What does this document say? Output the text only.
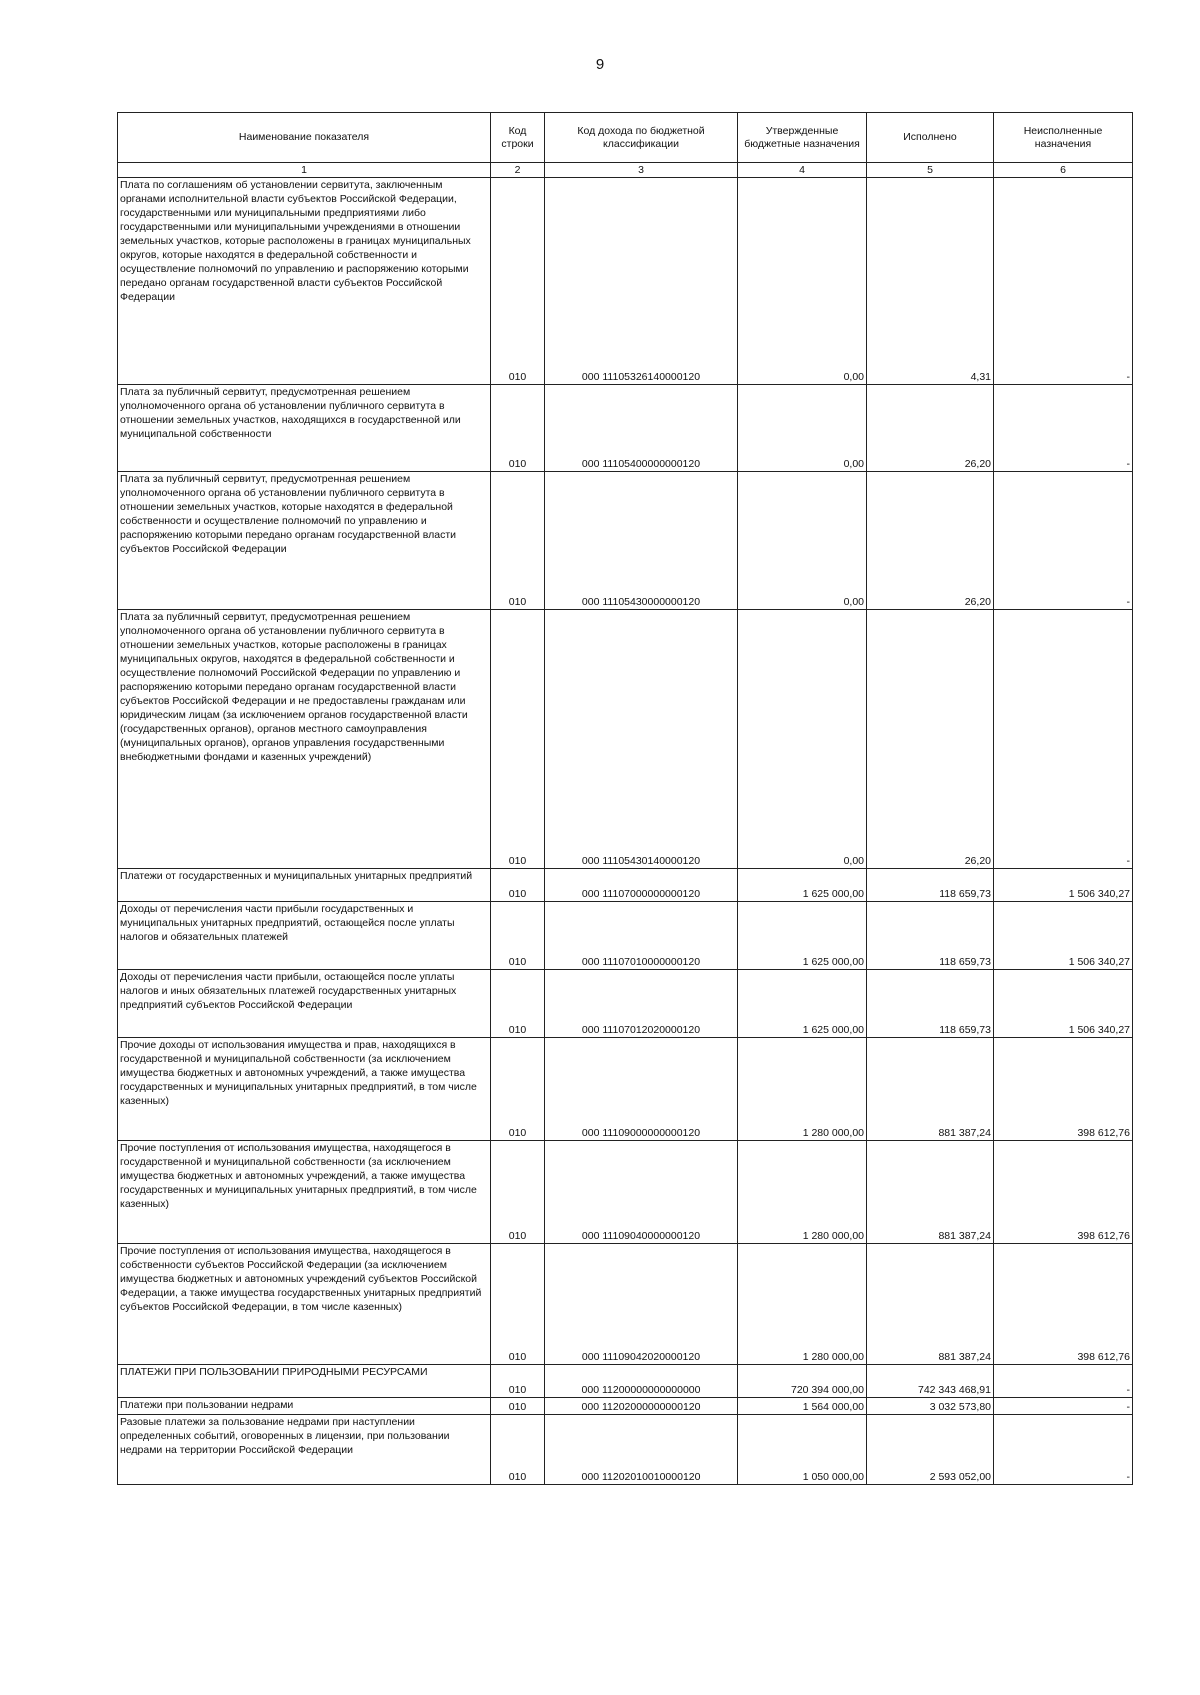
9
Наименование показателя	Код строки	Код дохода по бюджетной классификации	Утвержденные бюджетные назначения	Исполнено	Неисполненные назначения
1	2	3	4	5	6
Плата по соглашениям об установлении сервитута, заключенным органами исполнительной власти субъектов Российской Федерации, государственными или муниципальными предприятиями либо государственными или муниципальными учреждениями в отношении земельных участков, которые расположены в границах муниципальных округов, которые находятся в федеральной собственности и осуществление полномочий по управлению и распоряжению которыми передано органам государственной власти субъектов Российской Федерации	010	000 11105326140000120	0,00	4,31	-
Плата за публичный сервитут, предусмотренная решением уполномоченного органа об установлении публичного сервитута в отношении земельных участков, находящихся в государственной или муниципальной собственности	010	000 11105400000000120	0,00	26,20	-
Плата за публичный сервитут, предусмотренная решением уполномоченного органа об установлении публичного сервитута в отношении земельных участков, которые находятся в федеральной собственности и осуществление полномочий по управлению и распоряжению которыми передано органам государственной власти субъектов Российской Федерации	010	000 11105430000000120	0,00	26,20	-
Плата за публичный сервитут, предусмотренная решением уполномоченного органа об установлении публичного сервитута в отношении земельных участков, которые расположены в границах муниципальных округов, находятся в федеральной собственности и осуществление полномочий Российской Федерации по управлению и распоряжению которыми передано органам государственной власти субъектов Российской Федерации и не предоставлены гражданам или юридическим лицам (за исключением органов государственной власти (государственных органов), органов местного самоуправления (муниципальных органов), органов управления государственными внебюджетными фондами и казенных учреждений)	010	000 11105430140000120	0,00	26,20	-
Платежи от государственных и муниципальных унитарных предприятий	010	000 11107000000000120	1 625 000,00	118 659,73	1 506 340,27
Доходы от перечисления части прибыли государственных и муниципальных унитарных предприятий, остающейся после уплаты налогов и обязательных платежей	010	000 11107010000000120	1 625 000,00	118 659,73	1 506 340,27
Доходы от перечисления части прибыли, остающейся после уплаты налогов и иных обязательных платежей государственных унитарных предприятий субъектов Российской Федерации	010	000 11107012020000120	1 625 000,00	118 659,73	1 506 340,27
Прочие доходы от использования имущества и прав, находящихся в государственной и муниципальной собственности (за исключением имущества бюджетных и автономных учреждений, а также имущества государственных и муниципальных унитарных предприятий, в том числе казенных)	010	000 11109000000000120	1 280 000,00	881 387,24	398 612,76
Прочие поступления от использования имущества, находящегося в государственной и муниципальной собственности (за исключением имущества бюджетных и автономных учреждений, а также имущества государственных и муниципальных унитарных предприятий, в том числе казенных)	010	000 11109040000000120	1 280 000,00	881 387,24	398 612,76
Прочие поступления от использования имущества, находящегося в собственности субъектов Российской Федерации (за исключением имущества бюджетных и автономных учреждений субъектов Российской Федерации, а также имущества государственных унитарных предприятий субъектов Российской Федерации, в том числе казенных)	010	000 11109042020000120	1 280 000,00	881 387,24	398 612,76
ПЛАТЕЖИ ПРИ ПОЛЬЗОВАНИИ ПРИРОДНЫМИ РЕСУРСАМИ	010	000 11200000000000000	720 394 000,00	742 343 468,91	-
Платежи при пользовании недрами	010	000 11202000000000120	1 564 000,00	3 032 573,80	-
Разовые платежи за пользование недрами при наступлении определенных событий, оговоренных в лицензии, при пользовании недрами на территории Российской Федерации	010	000 11202010010000120	1 050 000,00	2 593 052,00	-
